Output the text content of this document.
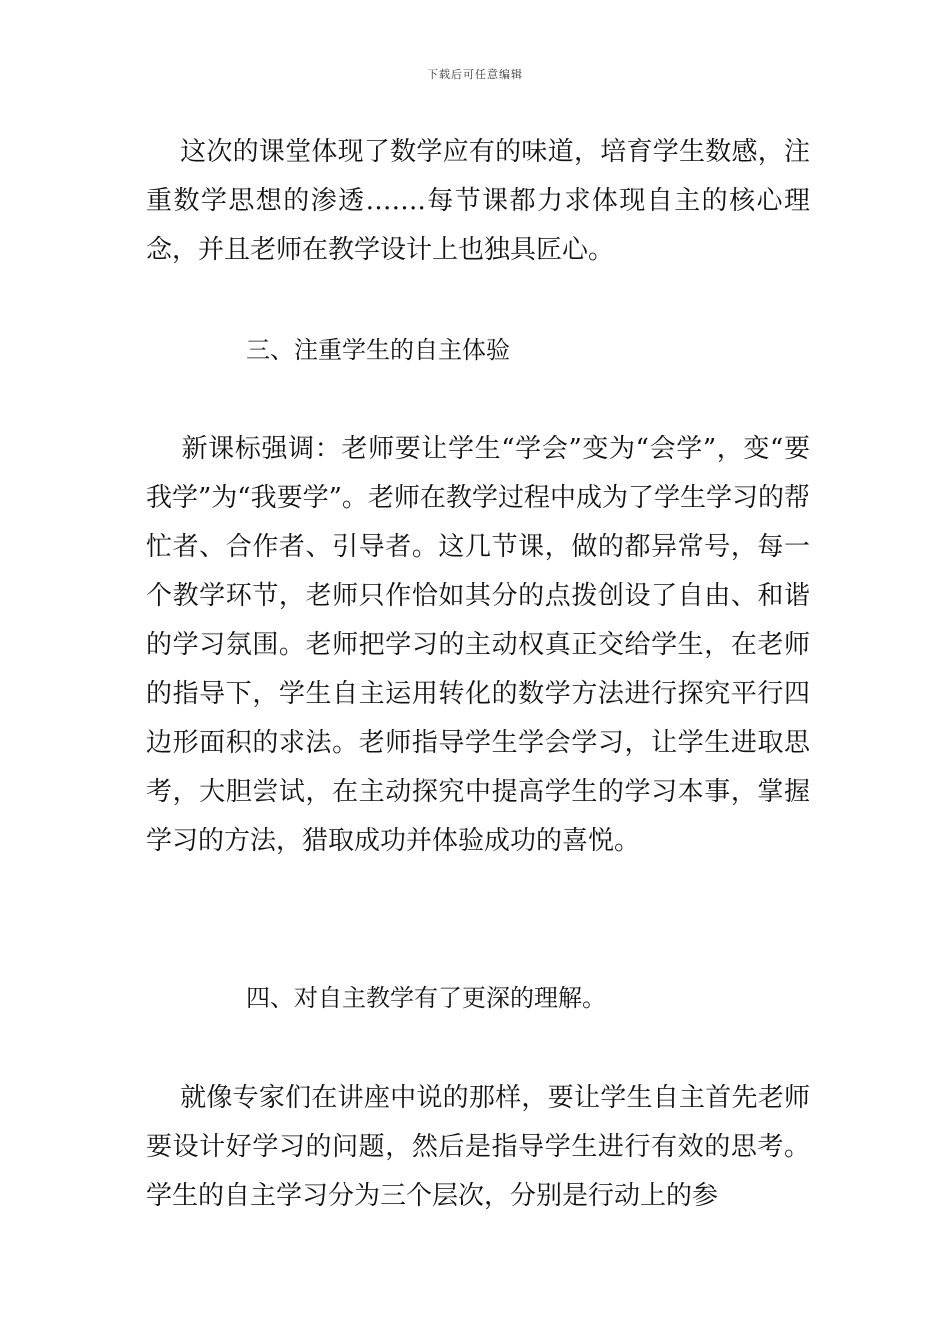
下载后可任意编辑

这次的课堂体现了数学应有的味道，培育学生数感，注重数学思想的渗透…….每节课都力求体现自主的核心理念，并且老师在教学设计上也独具匠心。

三、注重学生的自主体验

新课标强调：老师要让学生“学会”变为“会学”，变“要我学”为“我要学”。老师在教学过程中成为了学生学习的帮忙者、合作者、引导者。这几节课，做的都异常号，每一个教学环节，老师只作恰如其分的点拨创设了自由、和谐的学习氛围。老师把学习的主动权真正交给学生，在老师的指导下，学生自主运用转化的数学方法进行探究平行四边形面积的求法。老师指导学生学会学习，让学生进取思考，大胆尝试，在主动探究中提高学生的学习本事，掌握学习的方法，猎取成功并体验成功的喜悦。

四、对自主教学有了更深的理解。

就像专家们在讲座中说的那样，要让学生自主首先老师要设计好学习的问题，然后是指导学生进行有效的思考。学生的自主学习分为三个层次，分别是行动上的参
